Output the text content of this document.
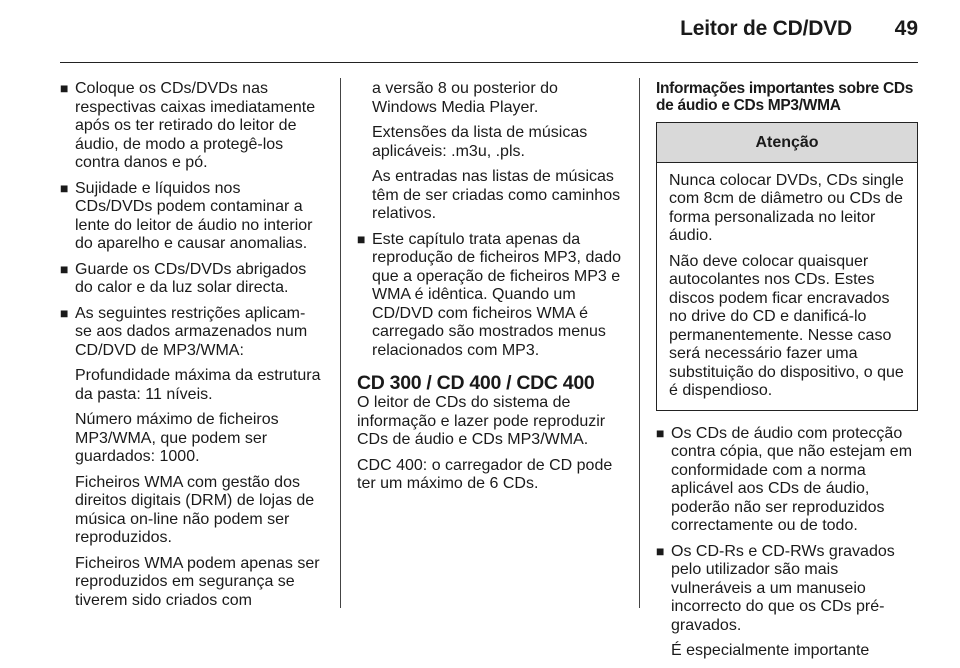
Leitor de CD/DVD 49
■ Coloque os CDs/DVDs nas respectivas caixas imediatamente após os ter retirado do leitor de áudio, de modo a protegê-los contra danos e pó.

■ Sujidade e líquidos nos CDs/DVDs podem contaminar a lente do leitor de áudio no interior do aparelho e causar anomalias.

■ Guarde os CDs/DVDs abrigados do calor e da luz solar directa.

■ As seguintes restrições aplicam-se aos dados armazenados num CD/DVD de MP3/WMA:

Profundidade máxima da estrutura da pasta: 11 níveis.

Número máximo de ficheiros MP3/WMA, que podem ser guardados: 1000.

Ficheiros WMA com gestão dos direitos digitais (DRM) de lojas de música on-line não podem ser reproduzidos.

Ficheiros WMA podem apenas ser reproduzidos em segurança se tiverem sido criados com

a versão 8 ou posterior do Windows Media Player.

Extensões da lista de músicas aplicáveis: .m3u, .pls.

As entradas nas listas de músicas têm de ser criadas como caminhos relativos.

■ Este capítulo trata apenas da reprodução de ficheiros MP3, dado que a operação de ficheiros MP3 e WMA é idêntica. Quando um CD/DVD com ficheiros WMA é carregado são mostrados menus relacionados com MP3.

CD 300 / CD 400 / CDC 400

O leitor de CDs do sistema de informação e lazer pode reproduzir CDs de áudio e CDs MP3/WMA.

CDC 400: o carregador de CD pode ter um máximo de 6 CDs.

Informações importantes sobre CDs de áudio e CDs MP3/WMA
Atenção

Nunca colocar DVDs, CDs single com 8cm de diâmetro ou CDs de forma personalizada no leitor áudio.

Não deve colocar quaisquer autocolantes nos CDs. Estes discos podem ficar encravados no drive do CD e danificá-lo permanentemente. Nesse caso será necessário fazer uma substituição do dispositivo, o que é dispendioso.

■ Os CDs de áudio com protecção contra cópia, que não estejam em conformidade com a norma aplicável aos CDs de áudio, poderão não ser reproduzidos correctamente ou de todo.

■ Os CD-Rs e CD-RWs gravados pelo utilizador são mais vulneráveis a um manuseio incorrecto do que os CDs pré-gravados.

É especialmente importante
